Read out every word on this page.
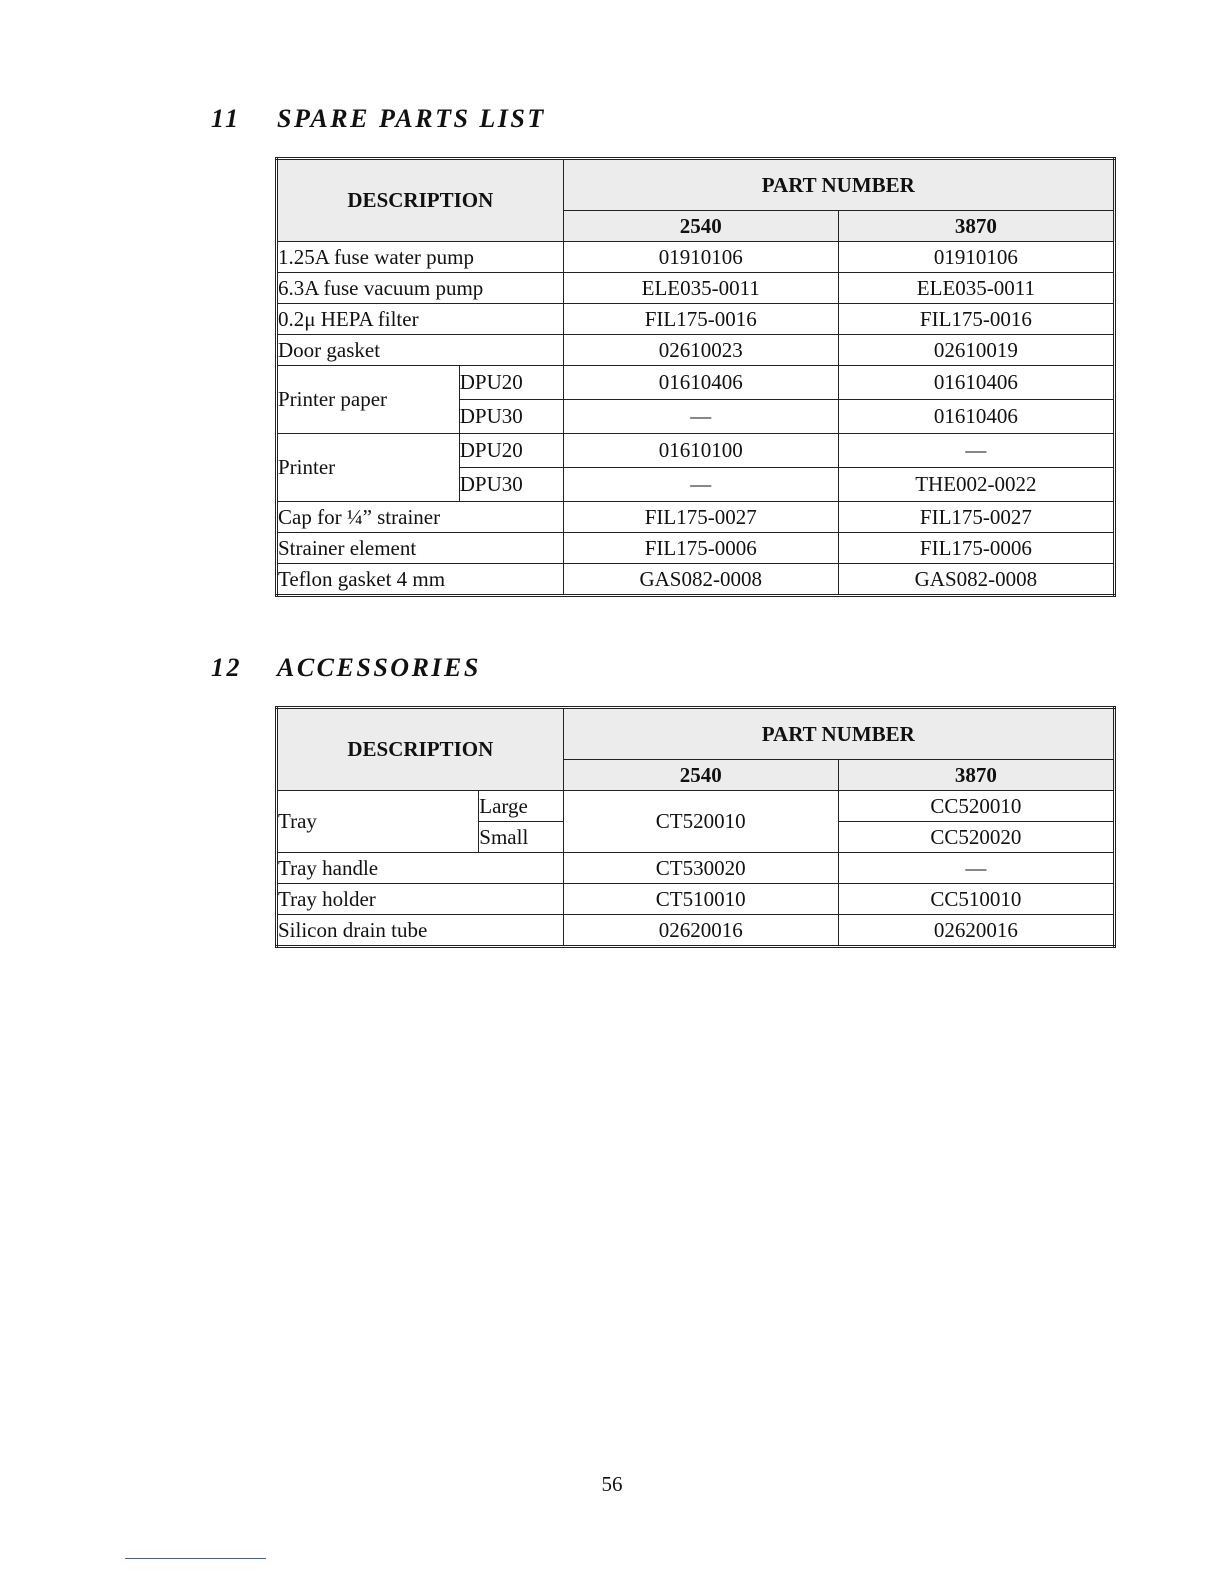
11 SPARE PARTS LIST
DESCRIPTION		PART NUMBER	
		2540	3870
1.25A fuse water pump		01910106	01910106
6.3A fuse vacuum pump		ELE035-0011	ELE035-0011
0.2μ HEPA filter		FIL175-0016	FIL175-0016
Door gasket		02610023	02610019
Printer paper	DPU20	01610406	01610406
	DPU30	—	01610406
Printer	DPU20	01610100	—
	DPU30	—	THE002-0022
Cap for ¼” strainer		FIL175-0027	FIL175-0027
Strainer element		FIL175-0006	FIL175-0006
Teflon gasket 4 mm		GAS082-0008	GAS082-0008
12 ACCESSORIES
DESCRIPTION		PART NUMBER	
		2540	3870
Tray	Large	CT520010	CC520010
	Small		CC520020
Tray handle		CT530020	—
Tray holder		CT510010	CC510010
Silicon drain tube		02620016	02620016
56
